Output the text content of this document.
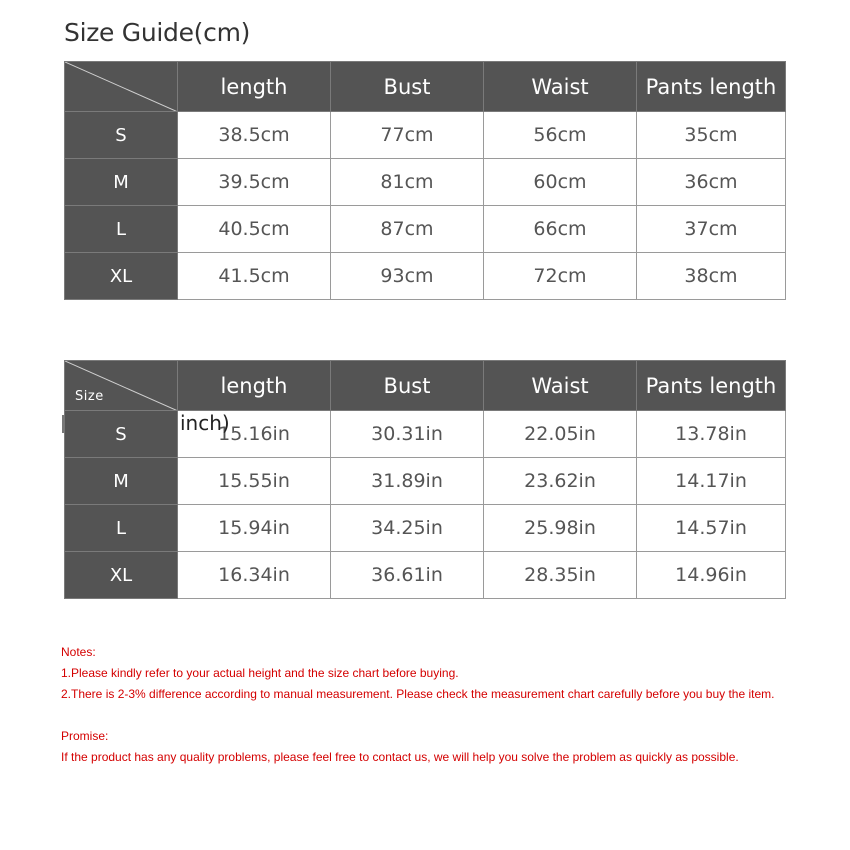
Size Guide(cm)
	length	Bust	Waist	Pants length
S	38.5cm	77cm	56cm	35cm
M	39.5cm	81cm	60cm	36cm
L	40.5cm	87cm	66cm	37cm
XL	41.5cm	93cm	72cm	38cm
Size	length	Bust	Waist	Pants length
S	15.16in	30.31in	22.05in	13.78in
M	15.55in	31.89in	23.62in	14.17in
L	15.94in	34.25in	25.98in	14.57in
XL	16.34in	36.61in	28.35in	14.96in
inch)

Notes:

1.Please kindly refer to your actual height and the size chart before buying.

2.There is 2-3% difference according to manual measurement. Please check the measurement chart carefully before you buy the item.

Promise:

If the product has any quality problems, please feel free to contact us, we will help you solve the problem as quickly as possible.
